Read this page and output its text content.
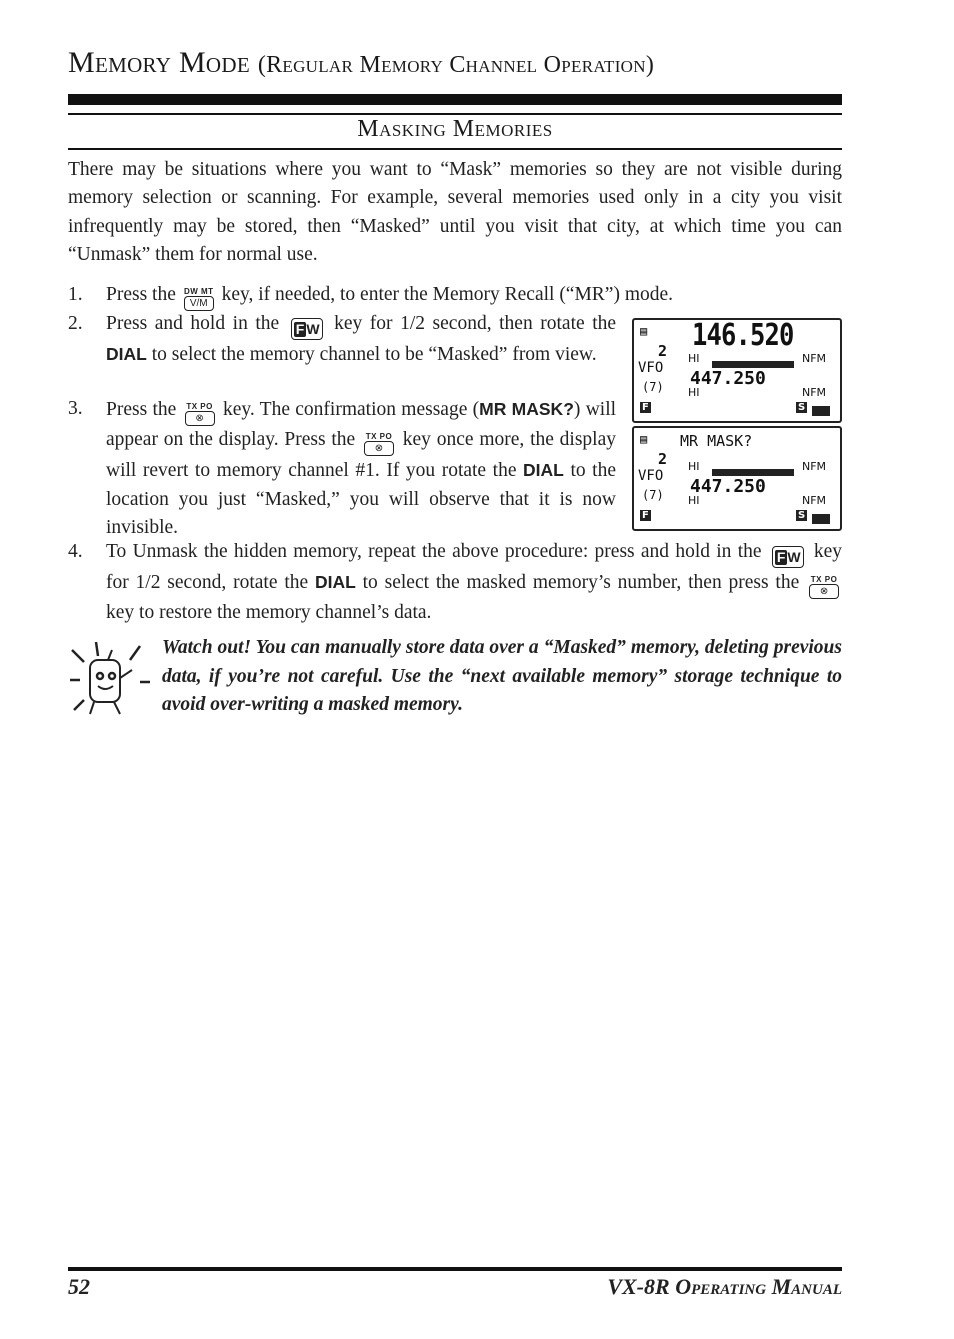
Memory Mode (Regular Memory Channel Operation)
Masking Memories
There may be situations where you want to “Mask” memories so they are not visible during memory selection or scanning. For example, several memories used only in a city you visit infrequently may be stored, then “Masked” until you visit that city, at which time you can “Unmask” them for normal use.
1.	Press the DW MT
V/M key, if needed, to enter the Memory Recall (“MR”) mode.
2.	Press and hold in the F W key for 1/2 second, then rotate the DIAL to select the memory channel to be “Masked” from view.
3.	Press the TX PO
⊗ key. The confirmation message (MR MASK?) will appear on the display. Press the TX PO
⊗	key once more, the display will revert to memory channel #1. If you rotate the DIAL to the location you just “Masked,” you will observe that it is now invisible.
4.	To Unmask the hidden memory, repeat the above procedure: press and hold in the F W key for 1/2 second, rotate the DIAL to select the masked memory’s number, then press the TX PO
⊗
key to restore the memory channel’s data.
▤ 146.520
2 HI	NFM
VFO 447.250
(7)	NFM
HI
F	S
▤ MR MASK?
2 HI	NFM
VFO 447.250
(7)	NFM
HI
F	S
Watch out! You can manually store data over a “Masked” memory, deleting previous data, if you’re not careful. Use the “next available memory” storage technique to avoid over-writing a masked memory.
52	VX-8R Operating Manual
